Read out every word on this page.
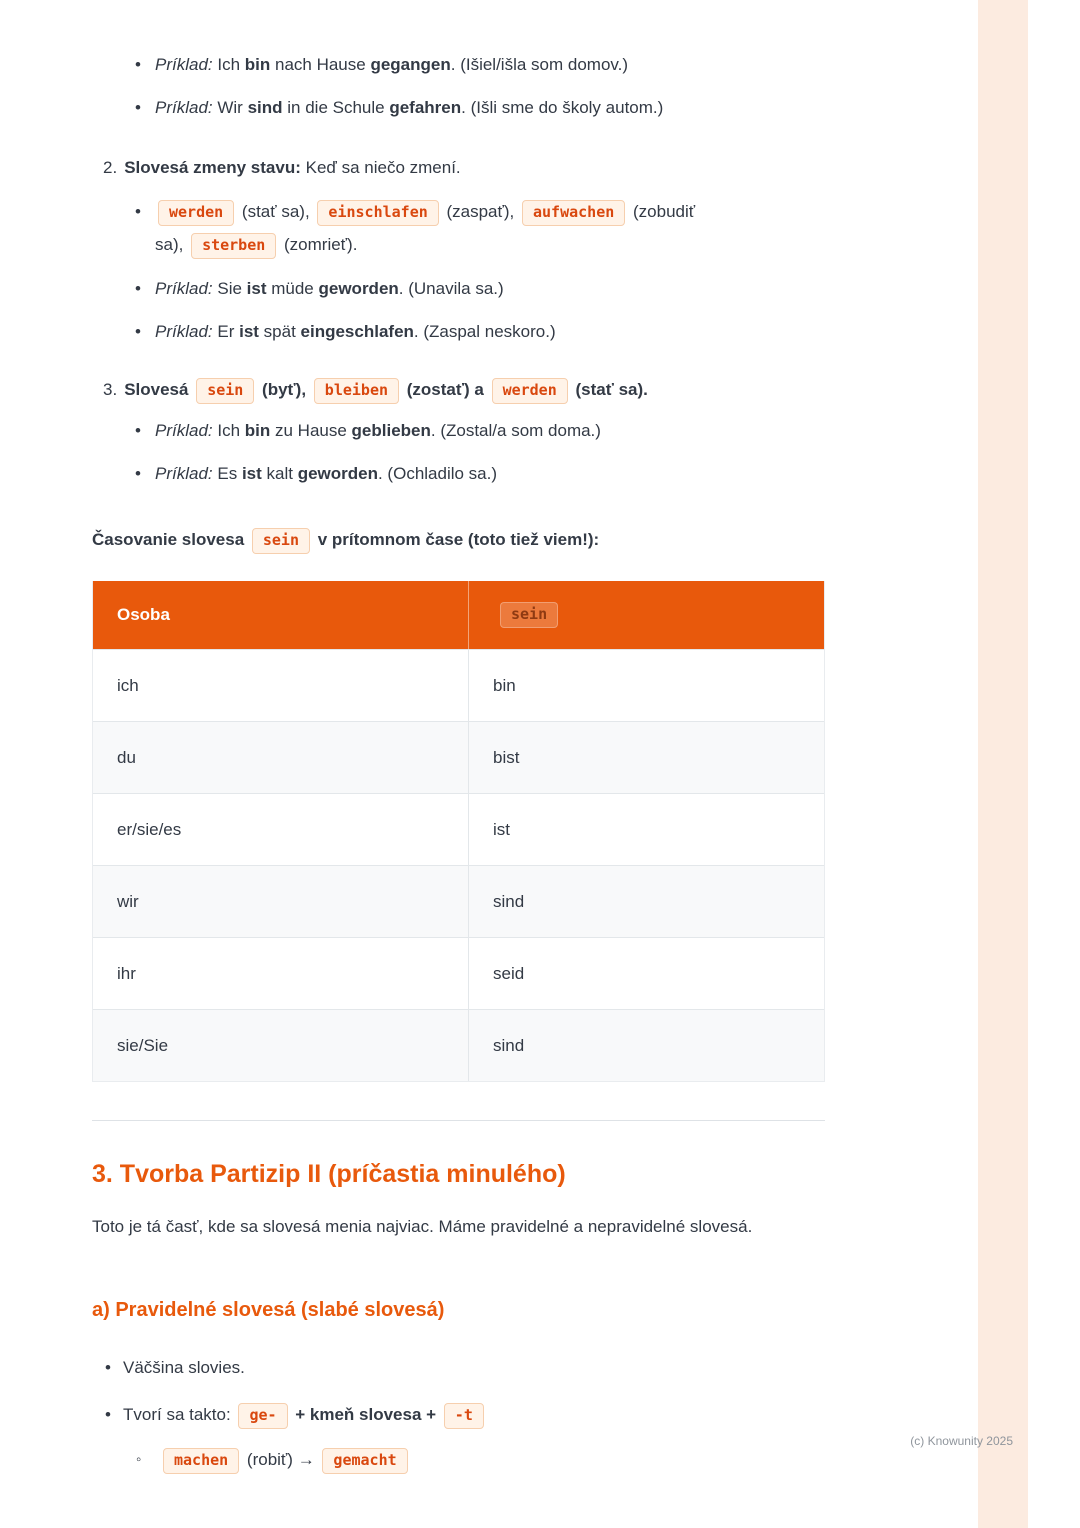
• Príklad: Ich bin nach Hause gegangen. (Išiel/išla som domov.)
• Príklad: Wir sind in die Schule gefahren. (Išli sme do školy autom.)
2. Slovesá zmeny stavu: Keď sa niečo zmení.
• werden (stať sa), einschlafen (zaspať), aufwachen (zobudiť sa), sterben (zomrieť).
• Príklad: Sie ist müde geworden. (Unavila sa.)
• Príklad: Er ist spät eingeschlafen. (Zaspal neskoro.)
3. Slovesá sein (byť), bleiben (zostať) a werden (stať sa).
• Príklad: Ich bin zu Hause geblieben. (Zostal/a som doma.)
• Príklad: Es ist kalt geworden. (Ochladilo sa.)

Časovanie slovesa sein v prítomnom čase (toto tiež viem!):

Osoba	sein
ich	bin
du	bist
er/sie/es	ist
wir	sind
ihr	seid
sie/Sie	sind
3. Tvorba Partizip II (príčastia minulého)

Toto je tá časť, kde sa slovesá menia najviac. Máme pravidelné a nepravidelné slovesá.

a) Pravidelné slovesá (slabé slovesá)
• Väčšina slovies.
• Tvorí sa takto: ge- + kmeň slovesa + -t
◦ machen (robiť) → gemacht
(c) Knowunity 2025
